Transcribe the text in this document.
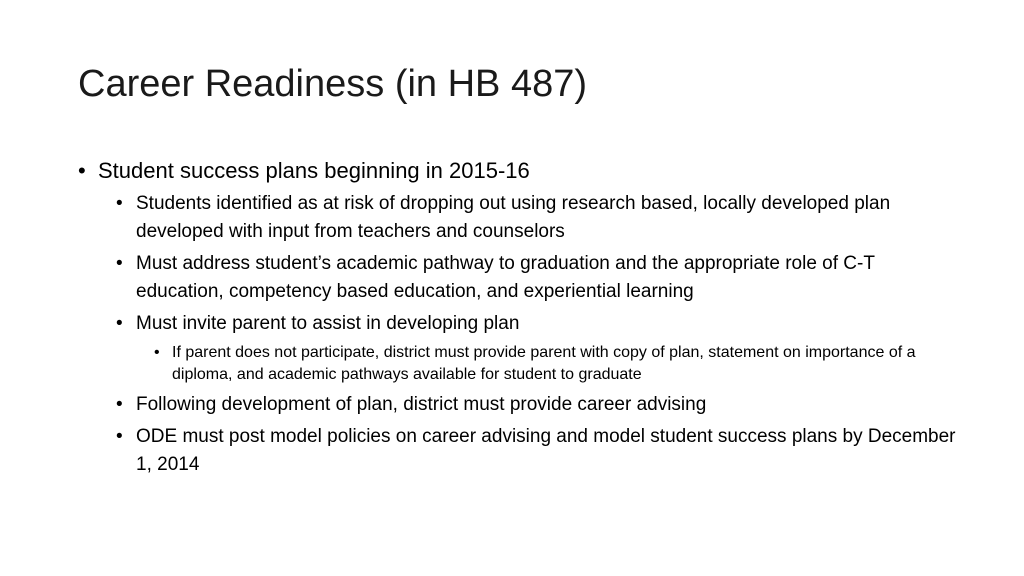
Career Readiness (in HB 487)
• Student success plans beginning in 2015-16
• Students identified as at risk of dropping out using research based, locally developed plan developed with input from teachers and counselors
• Must address student’s academic pathway to graduation and the appropriate role of C-T education, competency based education, and experiential learning
• Must invite parent to assist in developing plan
• If parent does not participate, district must provide parent with copy of plan, statement on importance of a diploma, and academic pathways available for student to graduate
• Following development of plan, district must provide career advising
• ODE must post model policies on career advising and model student success plans by December 1, 2014
